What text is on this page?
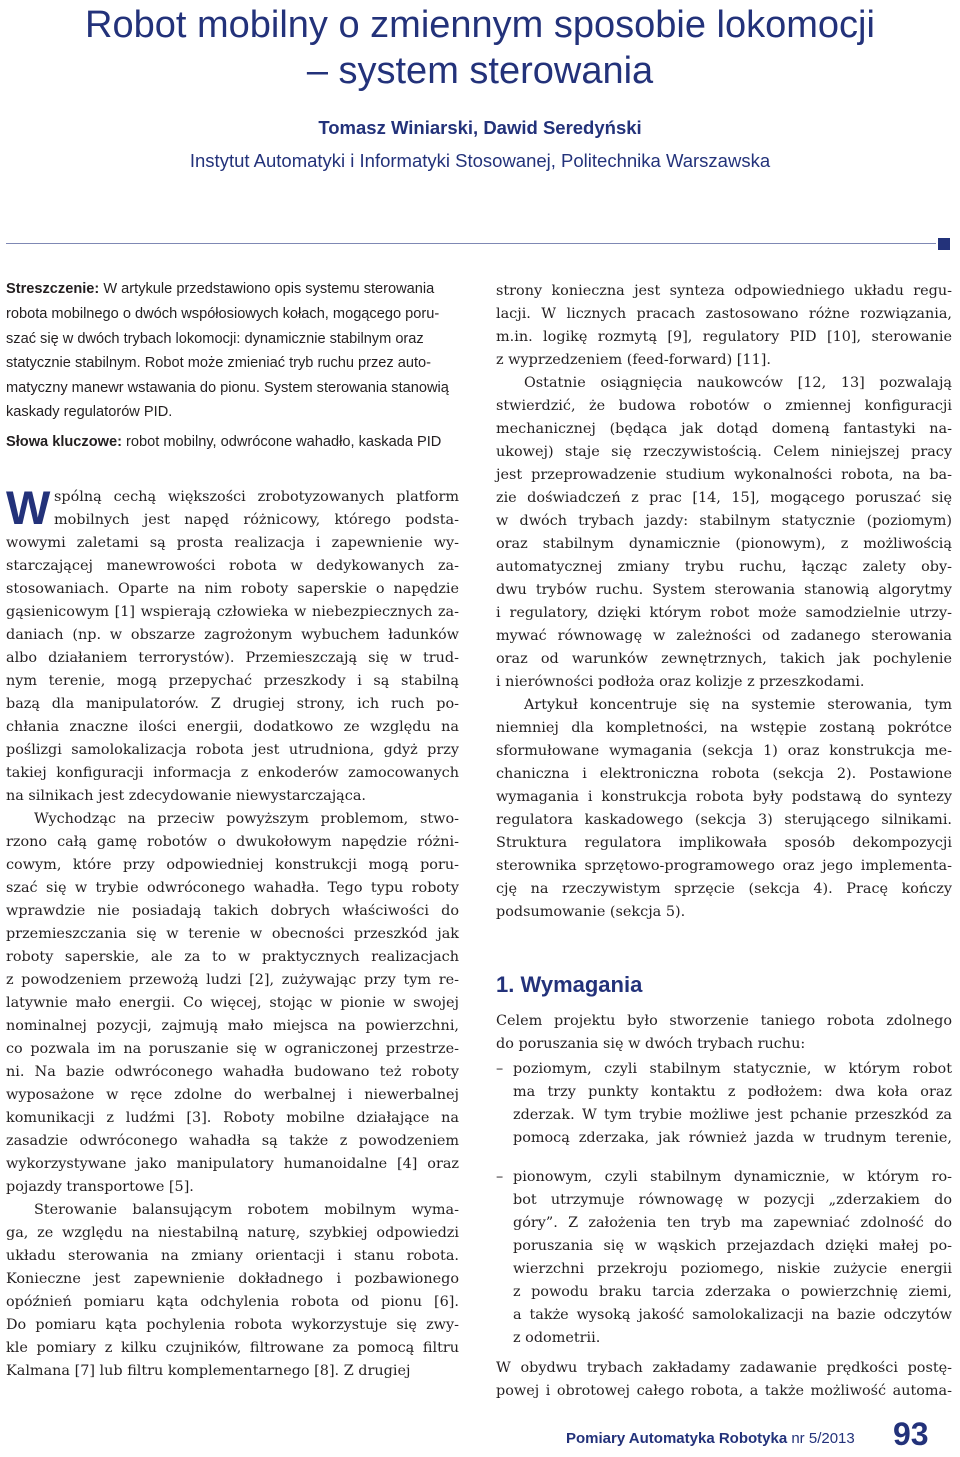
Robot mobilny o zmiennym sposobie lokomocji
– system sterowania
Tomasz Winiarski, Dawid Seredyński
Instytut Automatyki i Informatyki Stosowanej, Politechnika Warszawska
Streszczenie: W artykule przedstawiono opis systemu sterowania
robota mobilnego o dwóch współosiowych kołach, mogącego poru-
szać się w dwóch trybach lokomocji: dynamicznie stabilnym oraz
statycznie stabilnym. Robot może zmieniać tryb ruchu przez auto-
matyczny manewr wstawania do pionu. System sterowania stanowią
kaskady regulatorów PID.
Słowa kluczowe: robot mobilny, odwrócone wahadło, kaskada PID
W spólną cechą większości zrobotyzowanych platform
mobilnych jest napęd różnicowy, którego podsta-
wowymi zaletami są prosta realizacja i zapewnienie wy-
starczającej manewrowości robota w dedykowanych za-
stosowaniach. Oparte na nim roboty saperskie o napędzie
gąsienicowym [1] wspierają człowieka w niebezpiecznych za-
daniach (np. w obszarze zagrożonym wybuchem ładunków
albo działaniem terrorystów). Przemieszczają się w trud-
nym terenie, mogą przepychać przeszkody i są stabilną
bazą dla manipulatorów. Z drugiej strony, ich ruch po-
chłania znaczne ilości energii, dodatkowo ze względu na
poślizgi samolokalizacja robota jest utrudniona, gdyż przy
takiej konfiguracji informacja z enkoderów zamocowanych
na silnikach jest zdecydowanie niewystarczająca.
Wychodząc na przeciw powyższym problemom, stwo-
rzono całą gamę robotów o dwukołowym napędzie różni-
cowym, które przy odpowiedniej konstrukcji mogą poru-
szać się w trybie odwróconego wahadła. Tego typu roboty
wprawdzie nie posiadają takich dobrych właściwości do
przemieszczania się w terenie w obecności przeszkód jak
roboty saperskie, ale za to w praktycznych realizacjach
z powodzeniem przewożą ludzi [2], zużywając przy tym re-
latywnie mało energii. Co więcej, stojąc w pionie w swojej
nominalnej pozycji, zajmują mało miejsca na powierzchni,
co pozwala im na poruszanie się w ograniczonej przestrze-
ni. Na bazie odwróconego wahadła budowano też roboty
wyposażone w ręce zdolne do werbalnej i niewerbalnej
komunikacji z ludźmi [3]. Roboty mobilne działające na
zasadzie odwróconego wahadła są także z powodzeniem
wykorzystywane jako manipulatory humanoidalne [4] oraz
pojazdy transportowe [5].
Sterowanie balansującym robotem mobilnym wyma-
ga, ze względu na niestabilną naturę, szybkiej odpowiedzi
układu sterowania na zmiany orientacji i stanu robota.
Konieczne jest zapewnienie dokładnego i pozbawionego
opóźnień pomiaru kąta odchylenia robota od pionu [6].
Do pomiaru kąta pochylenia robota wykorzystuje się zwy-
kle pomiary z kilku czujników, filtrowane za pomocą filtru
Kalmana [7] lub filtru komplementarnego [8]. Z drugiej
strony konieczna jest synteza odpowiedniego układu regu-
lacji. W licznych pracach zastosowano różne rozwiązania,
m.in. logikę rozmytą [9], regulatory PID [10], sterowanie
z wyprzedzeniem (feed-forward) [11].
Ostatnie osiągnięcia naukowców [12, 13] pozwalają
stwierdzić, że budowa robotów o zmiennej konfiguracji
mechanicznej (będąca jak dotąd domeną fantastyki na-
ukowej) staje się rzeczywistością. Celem niniejszej pracy
jest przeprowadzenie studium wykonalności robota, na ba-
zie doświadczeń z prac [14, 15], mogącego poruszać się
w dwóch trybach jazdy: stabilnym statycznie (poziomym)
oraz stabilnym dynamicznie (pionowym), z możliwością
automatycznej zmiany trybu ruchu, łącząc zalety oby-
dwu trybów ruchu. System sterowania stanowią algorytmy
i regulatory, dzięki którym robot może samodzielnie utrzy-
mywać równowagę w zależności od zadanego sterowania
oraz od warunków zewnętrznych, takich jak pochylenie
i nierówności podłoża oraz kolizje z przeszkodami.
Artykuł koncentruje się na systemie sterowania, tym
niemniej dla kompletności, na wstępie zostaną pokrótce
sformułowane wymagania (sekcja 1) oraz konstrukcja me-
chaniczna i elektroniczna robota (sekcja 2). Postawione
wymagania i konstrukcja robota były podstawą do syntezy
regulatora kaskadowego (sekcja 3) sterującego silnikami.
Struktura regulatora implikowała sposób dekompozycji
sterownika sprzętowo-programowego oraz jego implementa-
cję na rzeczywistym sprzęcie (sekcja 4). Pracę kończy
podsumowanie (sekcja 5).
Celem projektu było stworzenie taniego robota zdolnego
do poruszania się w dwóch trybach ruchu:
– poziomym, czyli stabilnym statycznie, w którym robot
ma trzy punkty kontaktu z podłożem: dwa koła oraz
zderzak. W tym trybie możliwe jest pchanie przeszkód za
pomocą zderzaka, jak również jazda w trudnym terenie,
– pionowym, czyli stabilnym dynamicznie, w którym ro-
bot utrzymuje równowagę w pozycji „zderzakiem do
góry”. Z założenia ten tryb ma zapewniać zdolność do
poruszania się w wąskich przejazdach dzięki małej po-
wierzchni przekroju poziomego, niskie zużycie energii
z powodu braku tarcia zderzaka o powierzchnię ziemi,
a także wysoką jakość samolokalizacji na bazie odczytów
z odometrii.
W obydwu trybach zakładamy zadawanie prędkości postę-
powej i obrotowej całego robota, a także możliwość automa-
1. Wymagania
Pomiary Automatyka Robotyka nr 5/2013 93
